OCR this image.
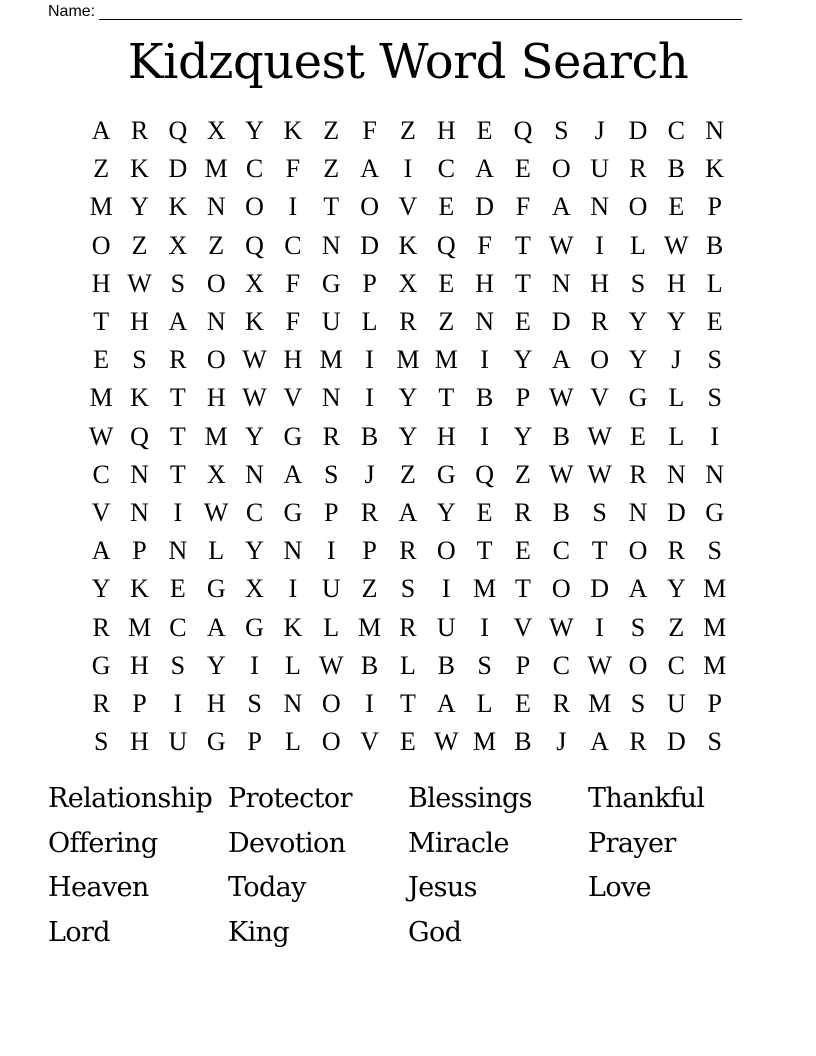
Name:
Kidzquest Word Search
A R Q X Y K Z F Z H E Q S	J D C N
Z K D M C F Z A I C A E O U R B K
M Y K N O I	T O V E D F A N O E P
O Z X Z Q C N D K Q F T W I	L W B
H W S O X F G P X E H T N H S H L
T H A N K F U L R Z N E D R Y Y E
E S R O W H M I M M I Y A O Y J	S
M K T H W V N I Y T B P W V G L S
W Q T M Y G R B Y H I Y B W E L	I
C N T X N A S	J Z G Q Z W W R N N
V N I W C G P R A Y E R B S N D G
A P N L Y N I	P R O T E C T O R S
Y K E G X I U Z S	I M T O D A Y M
R M C A G K L M R U I V W I	S Z M
G H S Y I	L W B L B S P C W O C M
R P	I H S N O I	T A L E R M S U P
S H U G P L O V E W M B J A R D S
Relationship Protector	Blessings	Thankful
Offering	Devotion	Miracle	Prayer
Heaven	Today	Jesus	Love
Lord	King	God
